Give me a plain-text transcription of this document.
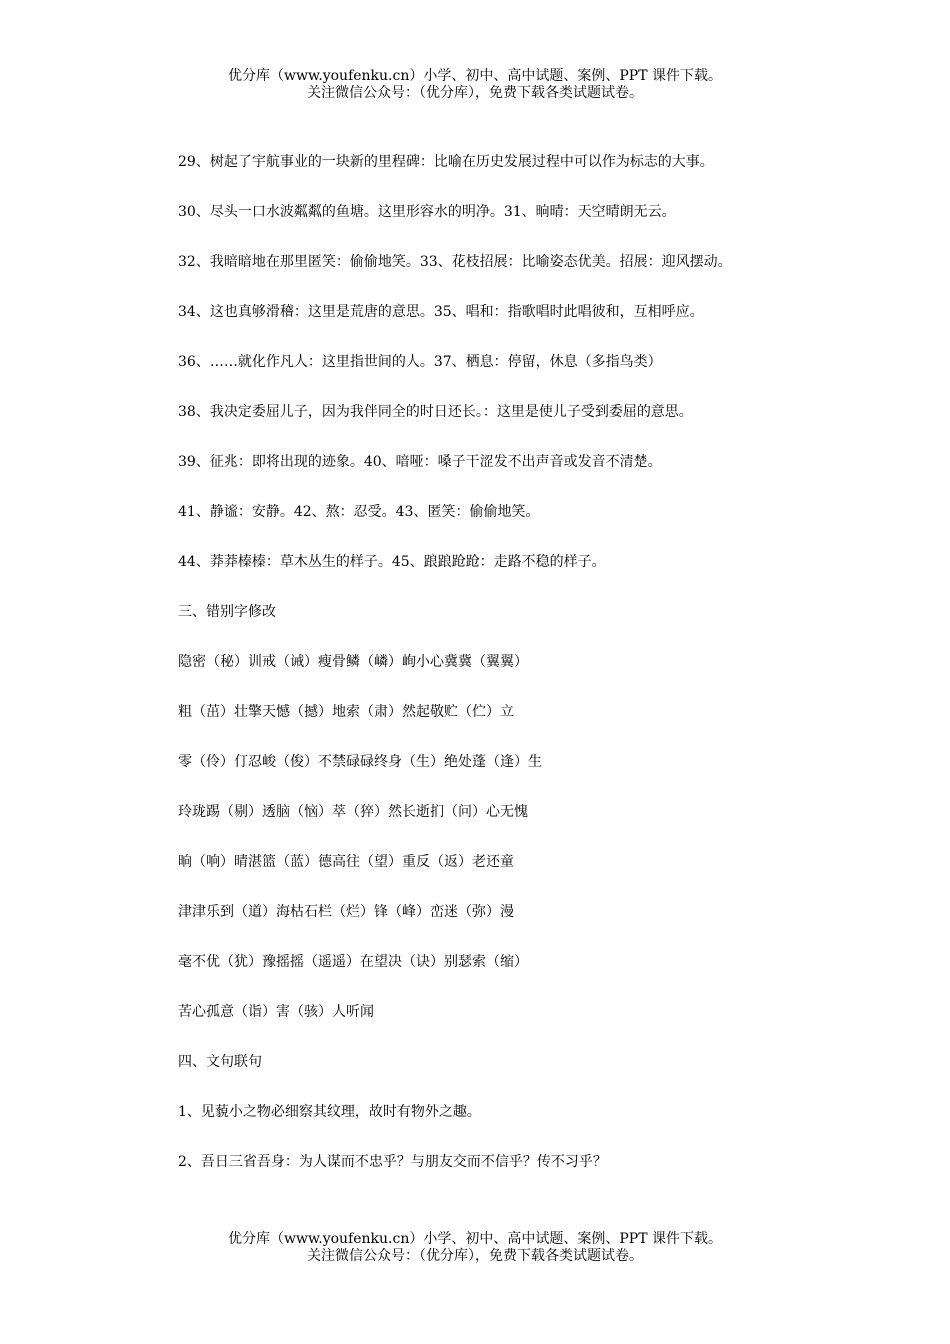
优分库（www.youfenku.cn）小学、初中、高中试题、案例、PPT 课件下载。
关注微信公众号：（优分库），免费下载各类试题试卷。

29、树起了宇航事业的一块新的里程碑：比喻在历史发展过程中可以作为标志的大事。

30、尽头一口水波粼粼的鱼塘。这里形容水的明净。31、晌晴：天空晴朗无云。

32、我暗暗地在那里匿笑：偷偷地笑。33、花枝招展：比喻姿态优美。招展：迎风摆动。

34、这也真够滑稽：这里是荒唐的意思。35、唱和：指歌唱时此唱彼和，互相呼应。

36、……就化作凡人：这里指世间的人。37、栖息：停留，休息（多指鸟类）

38、我决定委屈儿子，因为我伴同全的时日还长。：这里是使儿子受到委屈的意思。

39、征兆：即将出现的迹象。40、喑哑：嗓子干涩发不出声音或发音不清楚。

41、静谧：安静。42、熬：忍受。43、匿笑：偷偷地笑。

44、莽莽榛榛：草木丛生的样子。45、踉踉跄跄：走路不稳的样子。

三、错别字修改

隐密（秘）训戒（诫）瘦骨鳞（嶙）峋小心冀冀（翼翼）

粗（茁）壮擎天憾（撼）地索（肃）然起敬贮（伫）立

零（伶）仃忍峻（俊）不禁碌碌终身（生）绝处蓬（逢）生

玲珑踢（剔）透脑（恼）萃（猝）然长逝扪（问）心无愧

晌（响）晴湛篮（蓝）德高往（望）重反（返）老还童

津津乐到（道）海枯石栏（烂）锋（峰）峦迷（弥）漫

毫不优（犹）豫摇摇（遥遥）在望决（诀）别瑟索（缩）

苦心孤意（诣）害（骇）人听闻

四、文句联句

1、见藐小之物必细察其纹理，故时有物外之趣。

2、吾日三省吾身：为人谋而不忠乎？与朋友交而不信乎？传不习乎？

优分库（www.youfenku.cn）小学、初中、高中试题、案例、PPT 课件下载。
关注微信公众号：（优分库），免费下载各类试题试卷。
